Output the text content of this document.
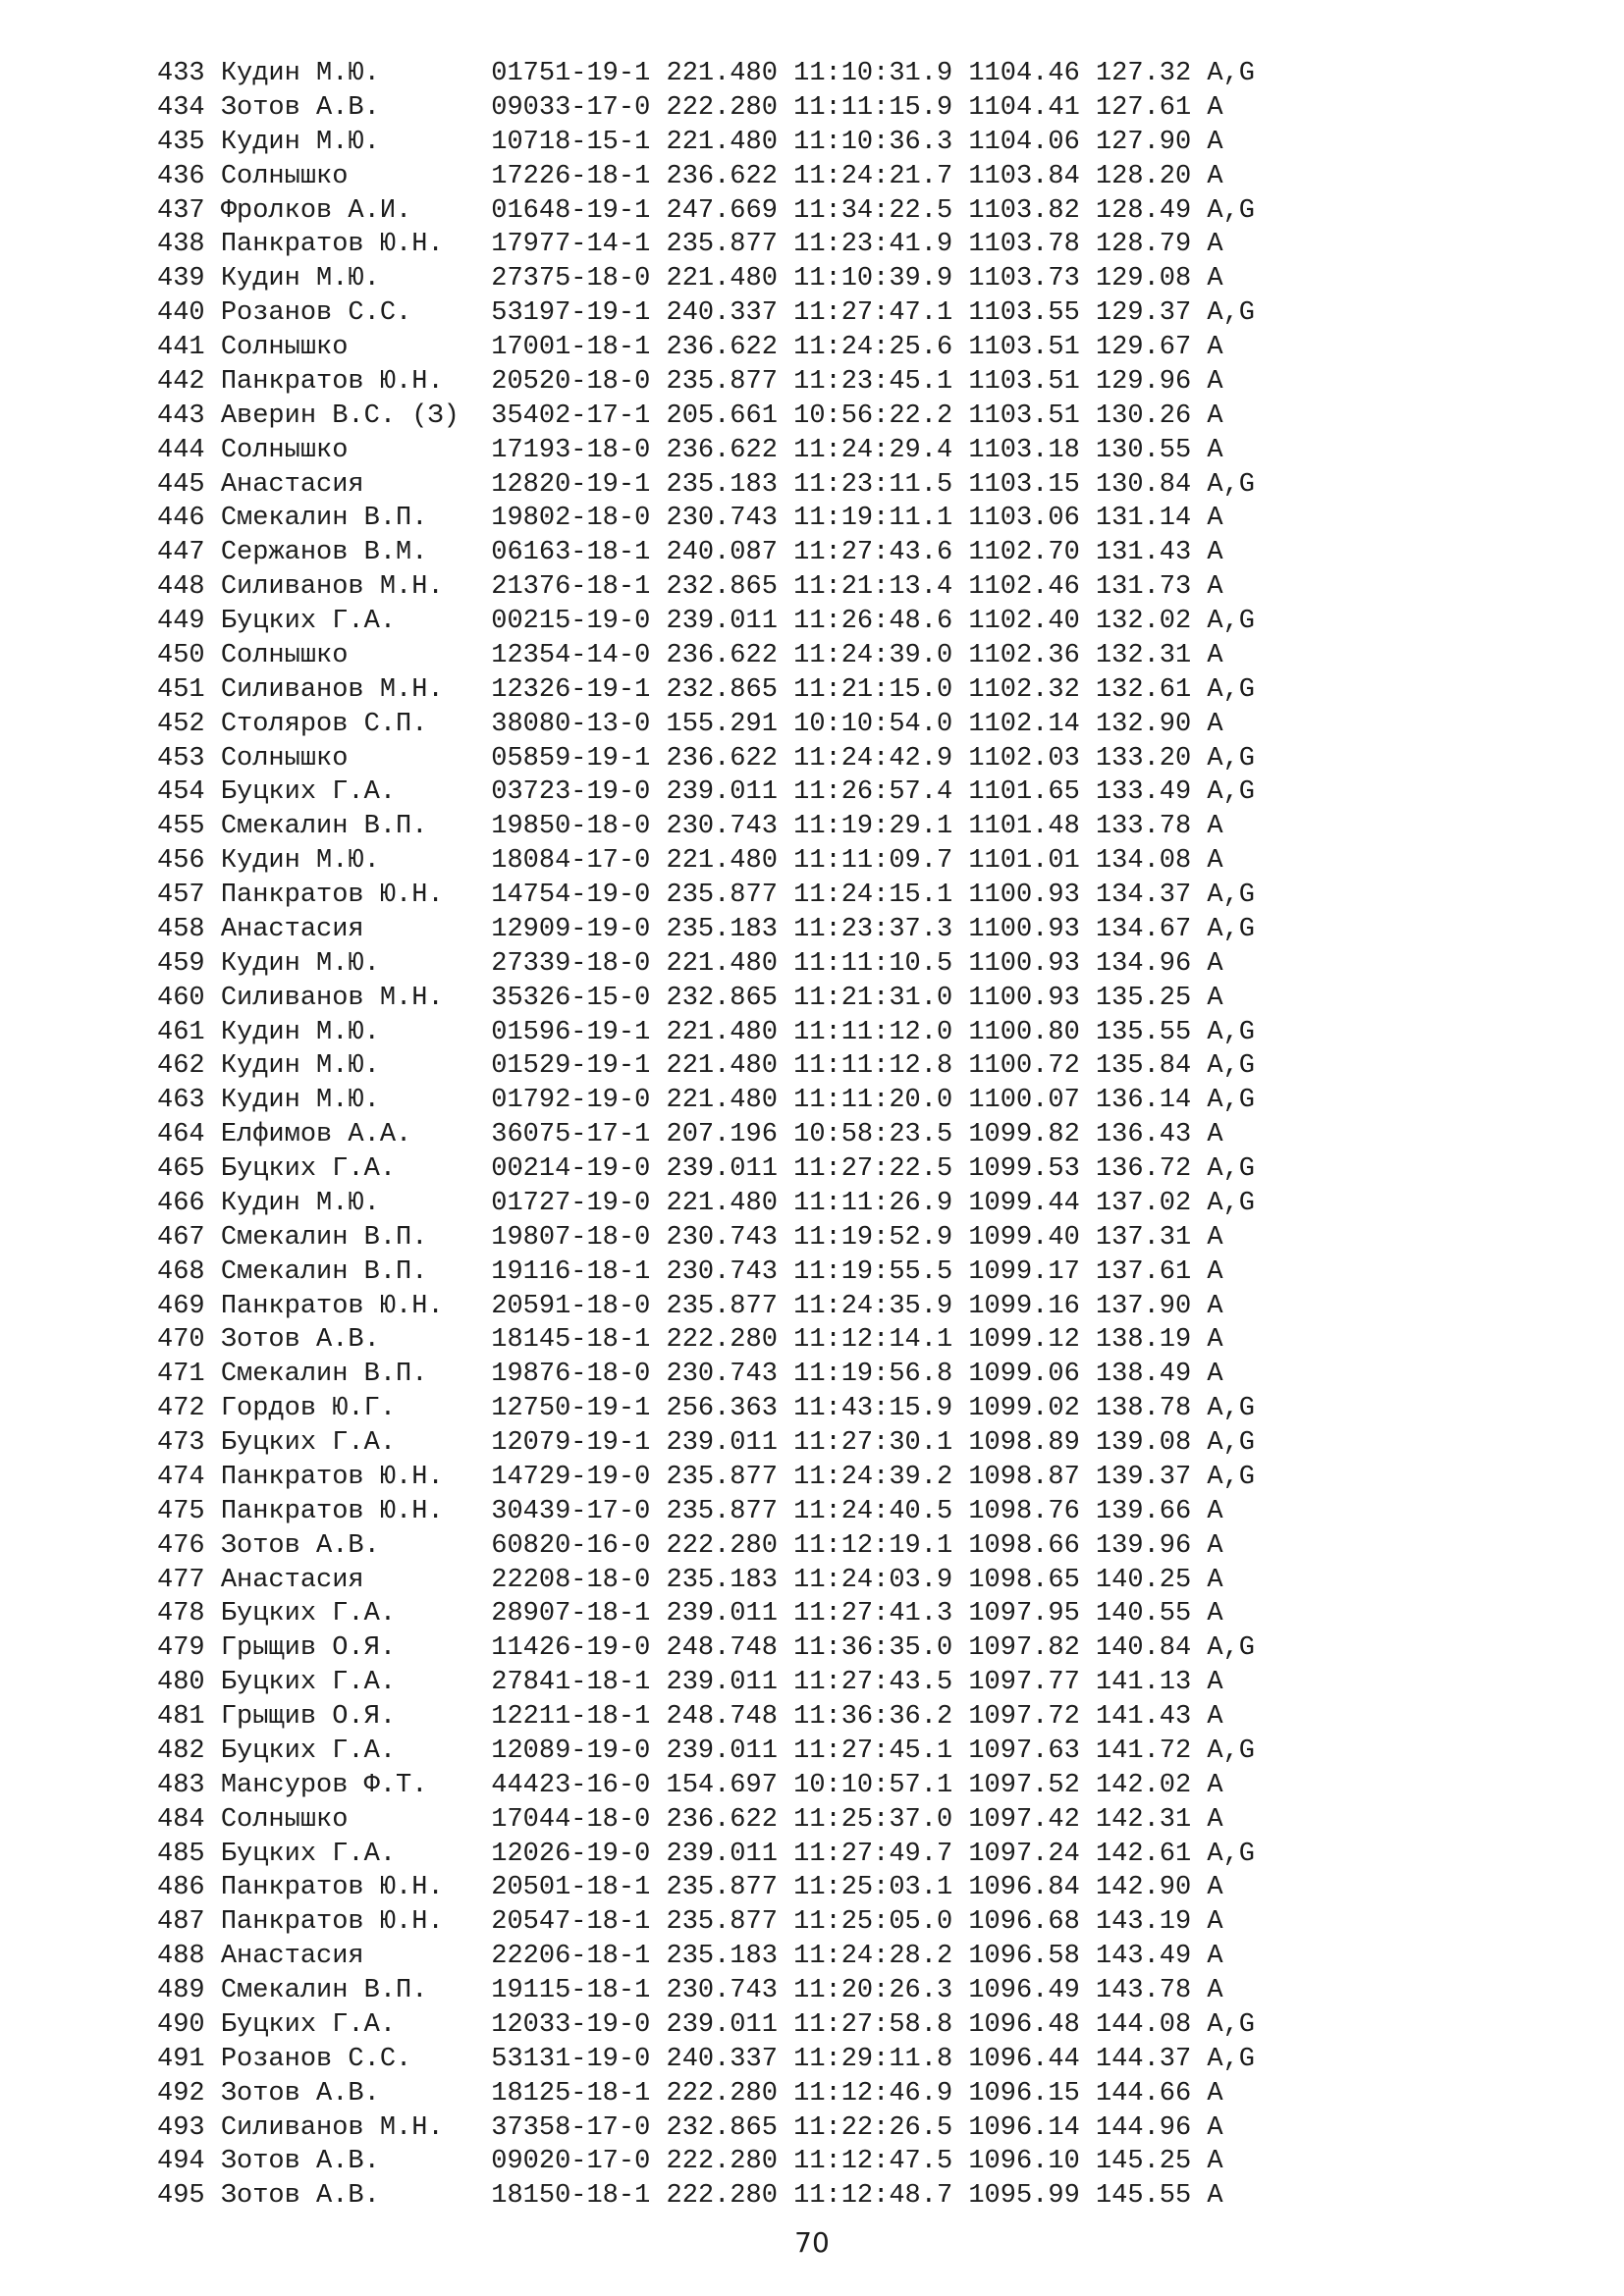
433 Кудин М.Ю.       01751-19-1 221.480 11:10:31.9 1104.46 127.32 A,G
434 Зотов А.В.       09033-17-0 222.280 11:11:15.9 1104.41 127.61 A
435 Кудин М.Ю.       10718-15-1 221.480 11:10:36.3 1104.06 127.90 A
436 Солнышко         17226-18-1 236.622 11:24:21.7 1103.84 128.20 A
437 Фролков А.И.     01648-19-1 247.669 11:34:22.5 1103.82 128.49 A,G
438 Панкратов Ю.Н.   17977-14-1 235.877 11:23:41.9 1103.78 128.79 A
439 Кудин М.Ю.       27375-18-0 221.480 11:10:39.9 1103.73 129.08 A
440 Розанов С.С.     53197-19-1 240.337 11:27:47.1 1103.55 129.37 A,G
441 Солнышко         17001-18-1 236.622 11:24:25.6 1103.51 129.67 A
442 Панкратов Ю.Н.   20520-18-0 235.877 11:23:45.1 1103.51 129.96 A
443 Аверин В.С. (З)  35402-17-1 205.661 10:56:22.2 1103.51 130.26 A
444 Солнышко         17193-18-0 236.622 11:24:29.4 1103.18 130.55 A
445 Анастасия        12820-19-1 235.183 11:23:11.5 1103.15 130.84 A,G
446 Смекалин В.П.    19802-18-0 230.743 11:19:11.1 1103.06 131.14 A
447 Сержанов В.М.    06163-18-1 240.087 11:27:43.6 1102.70 131.43 A
448 Силиванов М.Н.   21376-18-1 232.865 11:21:13.4 1102.46 131.73 A
449 Буцких Г.А.      00215-19-0 239.011 11:26:48.6 1102.40 132.02 A,G
450 Солнышко         12354-14-0 236.622 11:24:39.0 1102.36 132.31 A
451 Силиванов М.Н.   12326-19-1 232.865 11:21:15.0 1102.32 132.61 A,G
452 Столяров С.П.    38080-13-0 155.291 10:10:54.0 1102.14 132.90 A
453 Солнышко         05859-19-1 236.622 11:24:42.9 1102.03 133.20 A,G
454 Буцких Г.А.      03723-19-0 239.011 11:26:57.4 1101.65 133.49 A,G
455 Смекалин В.П.    19850-18-0 230.743 11:19:29.1 1101.48 133.78 A
456 Кудин М.Ю.       18084-17-0 221.480 11:11:09.7 1101.01 134.08 A
457 Панкратов Ю.Н.   14754-19-0 235.877 11:24:15.1 1100.93 134.37 A,G
458 Анастасия        12909-19-0 235.183 11:23:37.3 1100.93 134.67 A,G
459 Кудин М.Ю.       27339-18-0 221.480 11:11:10.5 1100.93 134.96 A
460 Силиванов М.Н.   35326-15-0 232.865 11:21:31.0 1100.93 135.25 A
461 Кудин М.Ю.       01596-19-1 221.480 11:11:12.0 1100.80 135.55 A,G
462 Кудин М.Ю.       01529-19-1 221.480 11:11:12.8 1100.72 135.84 A,G
463 Кудин М.Ю.       01792-19-0 221.480 11:11:20.0 1100.07 136.14 A,G
464 Елфимов А.А.     36075-17-1 207.196 10:58:23.5 1099.82 136.43 A
465 Буцких Г.А.      00214-19-0 239.011 11:27:22.5 1099.53 136.72 A,G
466 Кудин М.Ю.       01727-19-0 221.480 11:11:26.9 1099.44 137.02 A,G
467 Смекалин В.П.    19807-18-0 230.743 11:19:52.9 1099.40 137.31 A
468 Смекалин В.П.    19116-18-1 230.743 11:19:55.5 1099.17 137.61 A
469 Панкратов Ю.Н.   20591-18-0 235.877 11:24:35.9 1099.16 137.90 A
470 Зотов А.В.       18145-18-1 222.280 11:12:14.1 1099.12 138.19 A
471 Смекалин В.П.    19876-18-0 230.743 11:19:56.8 1099.06 138.49 A
472 Гордов Ю.Г.      12750-19-1 256.363 11:43:15.9 1099.02 138.78 A,G
473 Буцких Г.А.      12079-19-1 239.011 11:27:30.1 1098.89 139.08 A,G
474 Панкратов Ю.Н.   14729-19-0 235.877 11:24:39.2 1098.87 139.37 A,G
475 Панкратов Ю.Н.   30439-17-0 235.877 11:24:40.5 1098.76 139.66 A
476 Зотов А.В.       60820-16-0 222.280 11:12:19.1 1098.66 139.96 A
477 Анастасия        22208-18-0 235.183 11:24:03.9 1098.65 140.25 A
478 Буцких Г.А.      28907-18-1 239.011 11:27:41.3 1097.95 140.55 A
479 Грыщив О.Я.      11426-19-0 248.748 11:36:35.0 1097.82 140.84 A,G
480 Буцких Г.А.      27841-18-1 239.011 11:27:43.5 1097.77 141.13 A
481 Грыщив О.Я.      12211-18-1 248.748 11:36:36.2 1097.72 141.43 A
482 Буцких Г.А.      12089-19-0 239.011 11:27:45.1 1097.63 141.72 A,G
483 Мансуров Ф.Т.    44423-16-0 154.697 10:10:57.1 1097.52 142.02 A
484 Солнышко         17044-18-0 236.622 11:25:37.0 1097.42 142.31 A
485 Буцких Г.А.      12026-19-0 239.011 11:27:49.7 1097.24 142.61 A,G
486 Панкратов Ю.Н.   20501-18-1 235.877 11:25:03.1 1096.84 142.90 A
487 Панкратов Ю.Н.   20547-18-1 235.877 11:25:05.0 1096.68 143.19 A
488 Анастасия        22206-18-1 235.183 11:24:28.2 1096.58 143.49 A
489 Смекалин В.П.    19115-18-1 230.743 11:20:26.3 1096.49 143.78 A
490 Буцких Г.А.      12033-19-0 239.011 11:27:58.8 1096.48 144.08 A,G
491 Розанов С.С.     53131-19-0 240.337 11:29:11.8 1096.44 144.37 A,G
492 Зотов А.В.       18125-18-1 222.280 11:12:46.9 1096.15 144.66 A
493 Силиванов М.Н.   37358-17-0 232.865 11:22:26.5 1096.14 144.96 A
494 Зотов А.В.       09020-17-0 222.280 11:12:47.5 1096.10 145.25 A
495 Зотов А.В.       18150-18-1 222.280 11:12:48.7 1095.99 145.55 A
70
